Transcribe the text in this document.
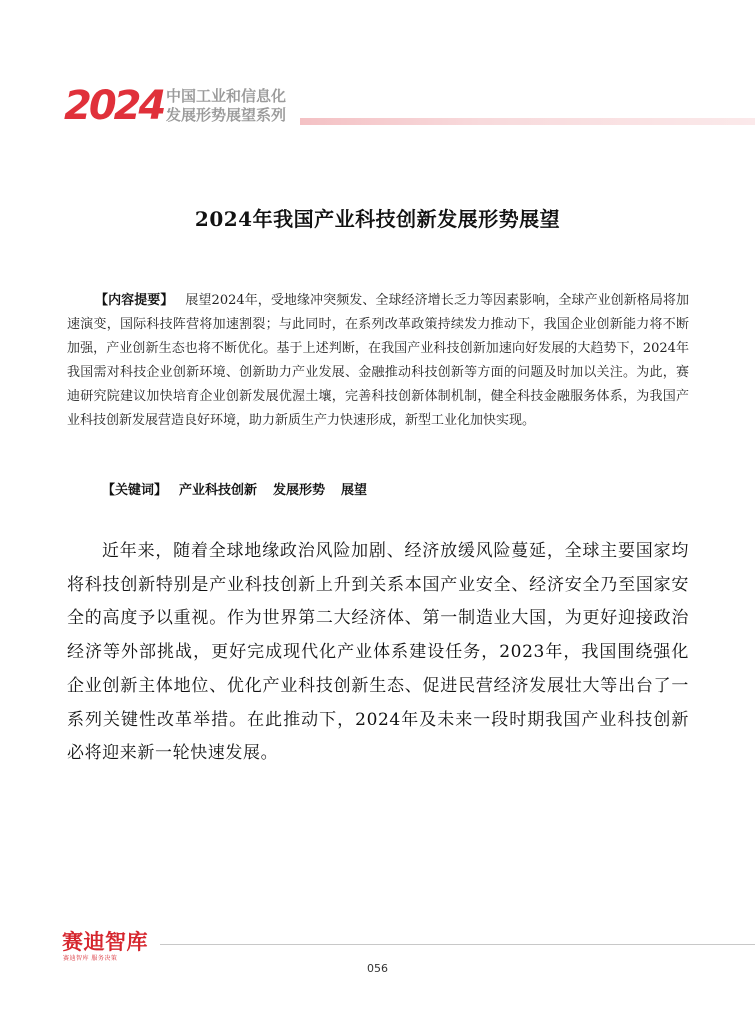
2024 中国工业和信息化
发展形势展望系列
2024年我国产业科技创新发展形势展望
【内容提要】 展望2024年，受地缘冲突频发、全球经济增长乏力等因素影响，全球产业创新格局将加速演变，国际科技阵营将加速割裂；与此同时，在系列改革政策持续发力推动下，我国企业创新能力将不断加强，产业创新生态也将不断优化。基于上述判断，在我国产业科技创新加速向好发展的大趋势下，2024年我国需对科技企业创新环境、创新助力产业发展、金融推动科技创新等方面的问题及时加以关注。为此，赛迪研究院建议加快培育企业创新发展优渥土壤，完善科技创新体制机制，健全科技金融服务体系，为我国产业科技创新发展营造良好环境，助力新质生产力快速形成，新型工业化加快实现。
【关键词】 产业科技创新 发展形势 展望
近年来，随着全球地缘政治风险加剧、经济放缓风险蔓延，全球主要国家均将科技创新特别是产业科技创新上升到关系本国产业安全、经济安全乃至国家安全的高度予以重视。作为世界第二大经济体、第一制造业大国，为更好迎接政治经济等外部挑战，更好完成现代化产业体系建设任务，2023年，我国围绕强化企业创新主体地位、优化产业科技创新生态、促进民营经济发展壮大等出台了一系列关键性改革举措。在此推动下，2024年及未来一段时期我国产业科技创新必将迎来新一轮快速发展。
赛迪智库
赛迪智库 服务决策
056
